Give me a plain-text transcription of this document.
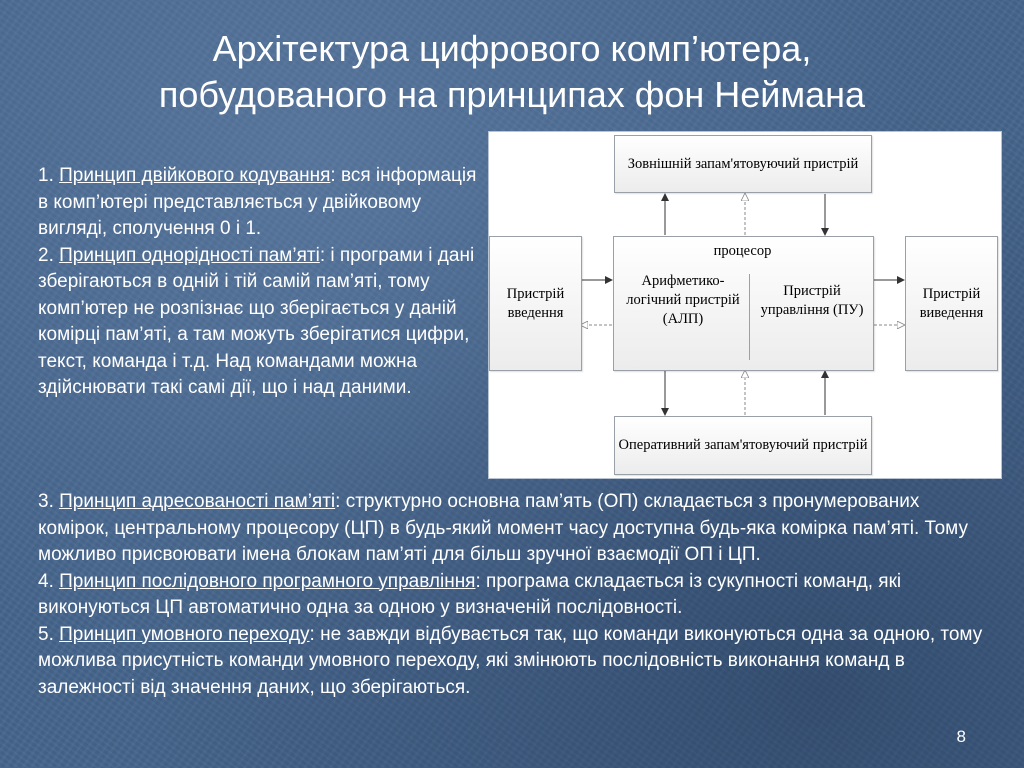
Архітектура цифрового комп’ютера,
побудованого на принципах фон Неймана

1. Принцип двійкового кодування: вся інформація в комп’ютері представляється у двійковому вигляді, сполучення 0 і 1.

2. Принцип однорідності пам’яті: і програми і дані зберігаються в одній і тій самій пам’яті, тому комп’ютер не розпізнає що зберігається у даній комірці пам’яті, а там можуть зберігатися цифри, текст, команда і т.д. Над командами можна здійснювати такі самі дії, що і над даними.

3. Принцип адресованості пам’яті: структурно основна пам’ять (ОП) складається з пронумерованих комірок, центральному процесору (ЦП) в будь-який момент часу доступна будь-яка комірка пам’яті. Тому можливо присвоювати імена блокам пам’яті для більш зручної взаємодії ОП і ЦП.

4. Принцип послідовного програмного управління: програма складається із сукупності команд, які виконуються ЦП автоматично одна за одною у визначеній послідовності.

5. Принцип умовного переходу: не завжди відбувається так, що команди виконуються одна за одною, тому можлива присутність команди умовного переходу, які змінюють послідовність виконання команд в залежності від значення даних, що зберігаються.

Зовнішній запам'ятовуючий пристрій
Пристрій введення
процесор
Арифметико-логічний пристрій (АЛП)
Пристрій управління (ПУ)
Пристрій виведення
Оперативний запам'ятовуючий пристрій
8
